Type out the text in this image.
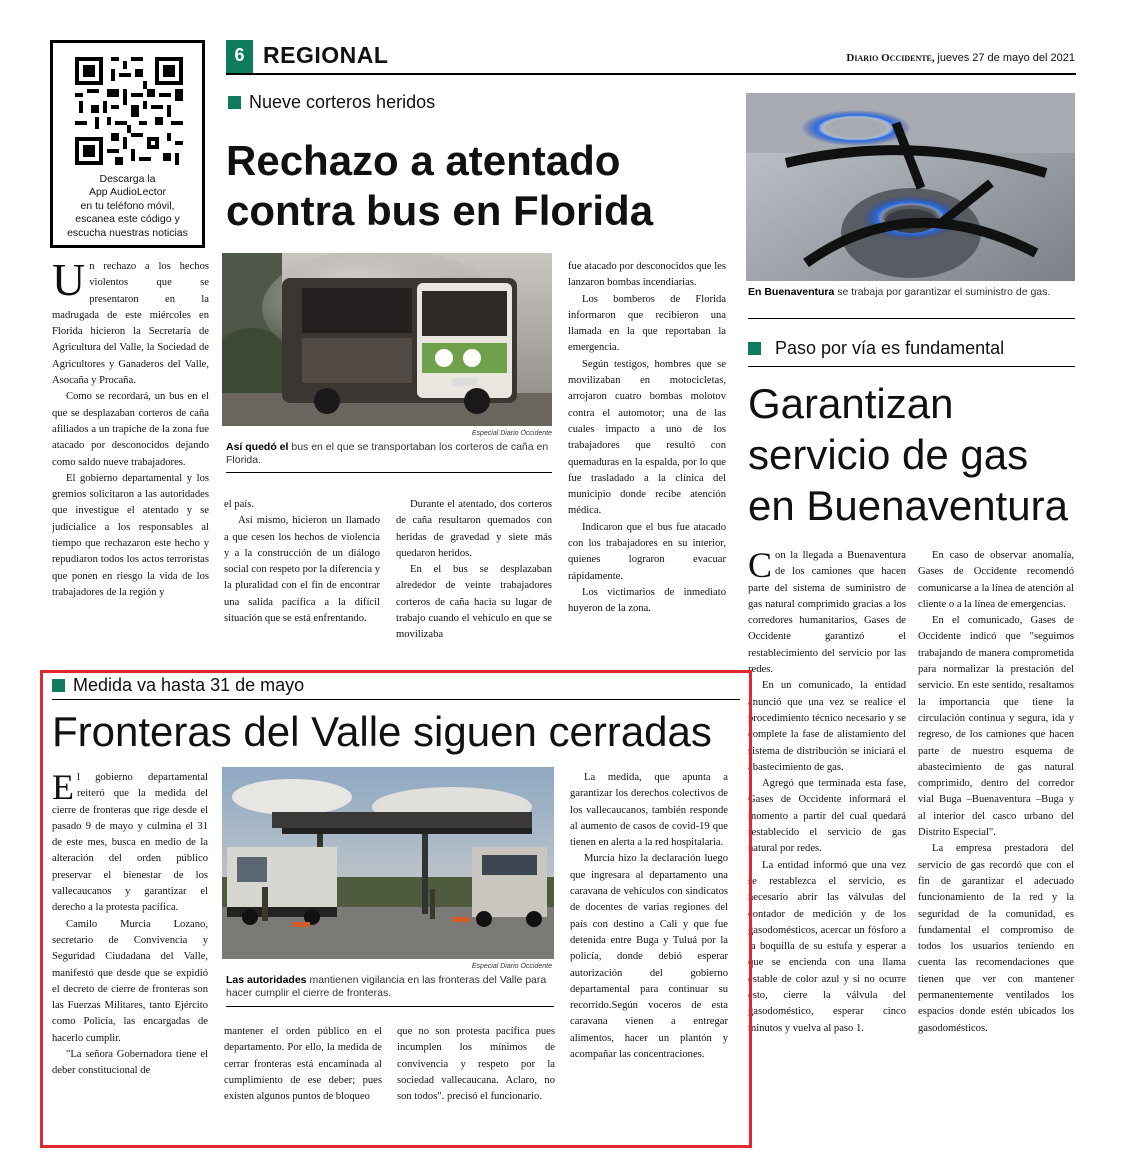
Descarga la
App AudioLector
en tu teléfono móvil,
escanea este código y
escucha nuestras noticias
6 REGIONAL	Diario Occidente, jueves 27 de mayo del 2021
Nueve corteros heridos
Rechazo a atentado contra bus en Florida
Especial Diario Occidente
Así quedó el bus en el que se transportaban los corteros de caña en Florida.

Un rechazo a los hechos violentos que se presentaron en la madrugada de este miércoles en Florida hicieron la Secretaría de Agricultura del Valle, la Sociedad de Agricultores y Ganaderos del Valle, Asocaña y Procaña.

Como se recordará, un bus en el que se desplazaban corteros de caña afiliados a un trapiche de la zona fue atacado por desconocidos dejando como saldo nueve trabajadores.

El gobierno departamental y los gremios solicitaron a las autoridades que investigue el atentado y se judicialice a los responsables al tiempo que rechazaron este hecho y repudiaron todos los actos terroristas que ponen en riesgo la vida de los trabajadores de la región y

el país.

Así mismo, hicieron un llamado a que cesen los hechos de violencia y a la construcción de un diálogo social con respeto por la diferencia y la pluralidad con el fin de encontrar una salida pacífica a la difícil situación que se está enfrentando.

Durante el atentado, dos corteros de caña resultaron quemados con heridas de gravedad y siete más quedaron heridos.

En el bus se desplazaban alrededor de veinte trabajadores corteros de caña hacia su lugar de trabajo cuando el vehículo en que se movilizaba

fue atacado por desconocidos que les lanzaron bombas incendiarias.

Los bomberos de Florida informaron que recibieron una llamada en la que reportaban la emergencia.

Según testigos, hombres que se movilizaban en motocicletas, arrojaron cuatro bombas molotov contra el automotor; una de las cuales impacto a uno de los trabajadores que resultó con quemaduras en la espalda, por lo que fue trasladado a la clínica del municipio donde recibe atención médica.

Indicaron que el bus fue atacado con los trabajadores en su interior, quienes lograron evacuar rápidamente.

Los victimarios de inmediato huyeron de la zona.

En Buenaventura se trabaja por garantizar el suministro de gas.
Paso por vía es fundamental
Garantizan servicio de gas en Buenaventura

Con la llegada a Buenaventura de los camiones que hacen parte del sistema de suministro de gas natural comprimido gracias a los corredores humanitarios, Gases de Occidente garantizó el restablecimiento del servicio por las redes.

En un comunicado, la entidad anunció que una vez se realice el procedimiento técnico necesario y se complete la fase de alistamiento del sistema de distribución se iniciará el abastecimiento de gas.

Agregó que terminada esta fase, Gases de Occidente informará el momento a partir del cual quedará restablecido el servicio de gas natural por redes.

La entidad informó que una vez se restablezca el servicio, es necesario abrir las válvulas del contador de medición y de los gasodomésticos, acercar un fósforo a la boquilla de su estufa y esperar a que se encienda con una llama estable de color azul y si no ocurre esto, cierre la válvula del gasodoméstico, esperar cinco minutos y vuelva al paso 1.

En caso de observar anomalía, Gases de Occidente recomendó comunicarse a la línea de atención al cliente o a la línea de emergencias.

En el comunicado, Gases de Occidente indicó que "seguimos trabajando de manera comprometida para normalizar la prestación del servicio. En este sentido, resaltamos la importancia que tiene la circulación continua y segura, ida y regreso, de los camiones que hacen parte de nuestro esquema de abastecimiento de gas natural comprimido, dentro del corredor vial Buga –Buenaventura –Buga y al interior del casco urbano del Distrito Especial".

La empresa prestadora del servicio de gas recordó que con el fin de garantizar el adecuado funcionamiento de la red y la seguridad de la comunidad, es fundamental el compromiso de todos los usuarios teniendo en cuenta las recomendaciones que tienen que ver con mantener permanentemente ventilados los espacios donde estén ubicados los gasodomésticos.

Medida va hasta 31 de mayo
Fronteras del Valle siguen cerradas
Especial Diario Occidente
Las autoridades mantienen vigilancia en las fronteras del Valle para hacer cumplir el cierre de fronteras.

El gobierno departamental reiteró que la medida del cierre de fronteras que rige desde el pasado 9 de mayo y culmina el 31 de este mes, busca en medio de la alteración del orden público preservar el bienestar de los vallecaucanos y garantizar el derecho a la protesta pacífica.

Camilo Murcia Lozano, secretario de Convivencia y Seguridad Ciudadana del Valle, manifestó que desde que se expidió el decreto de cierre de fronteras son las Fuerzas Militares, tanto Ejército como Policía, las encargadas de hacerlo cumplir.

"La señora Gobernadora tiene el deber constitucional de

mantener el orden público en el departamento. Por ello, la medida de cerrar fronteras está encaminada al cumplimiento de ese deber; pues existen algunos puntos de bloqueo

que no son protesta pacífica pues incumplen los mínimos de convivencia y respeto por la sociedad vallecaucana. Aclaro, no son todos". precisó el funcionario.

La medida, que apunta a garantizar los derechos colectivos de los vallecaucanos, también responde al aumento de casos de covid-19 que tienen en alerta a la red hospitalaria.

Murcia hizo la declaración luego que ingresara al departamento una caravana de vehículos con sindicatos de docentes de varias regiones del país con destino a Cali y que fue detenida entre Buga y Tuluá por la policía, donde debió esperar autorización del gobierno departamental para continuar su recorrido.Según voceros de esta caravana vienen a entregar alimentos, hacer un plantón y acompañar las concentraciones.
